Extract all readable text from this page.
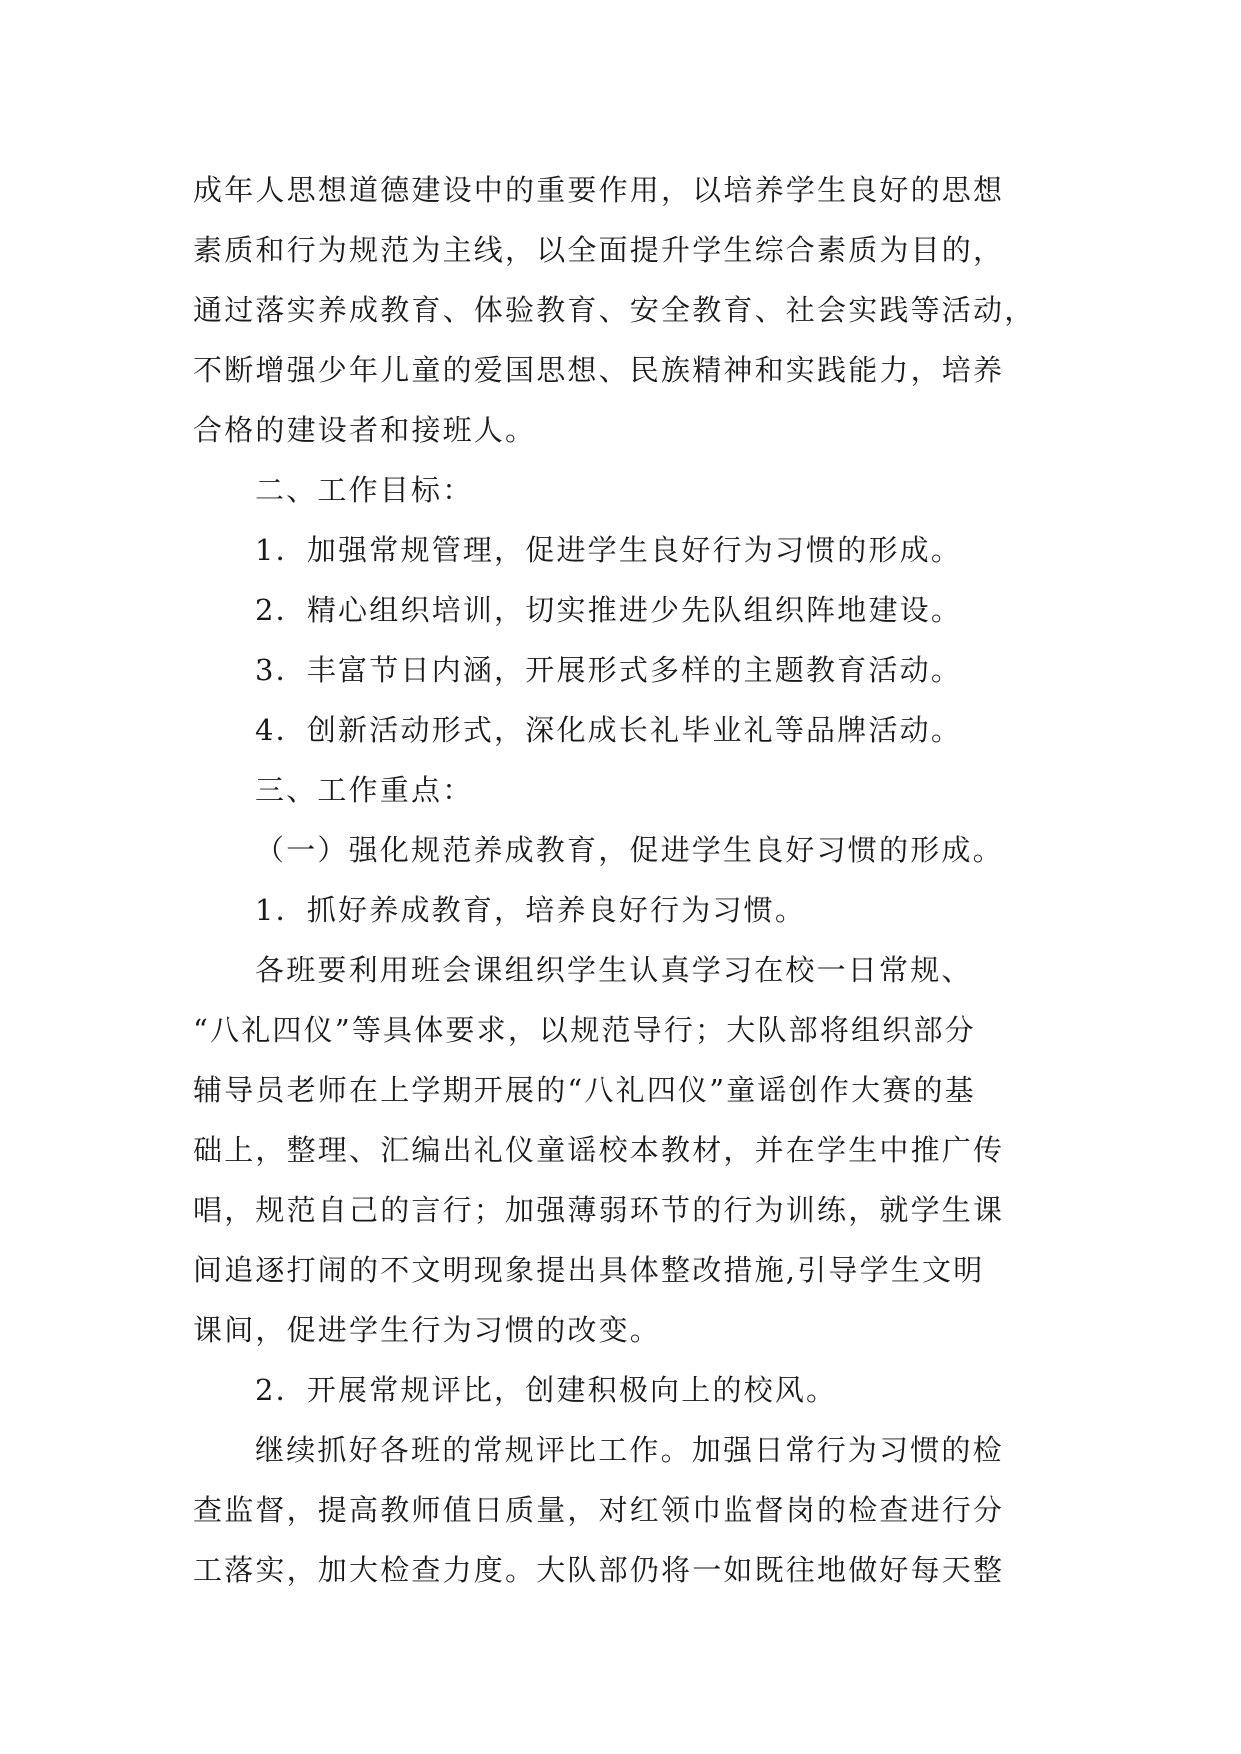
成年人思想道德建设中的重要作用，以培养学生良好的思想
素质和行为规范为主线，以全面提升学生综合素质为目的，
通过落实养成教育、体验教育、安全教育、社会实践等活动，
不断增强少年儿童的爱国思想、民族精神和实践能力，培养
合格的建设者和接班人。
二、工作目标：
1．加强常规管理，促进学生良好行为习惯的形成。
2．精心组织培训，切实推进少先队组织阵地建设。
3．丰富节日内涵，开展形式多样的主题教育活动。
4．创新活动形式，深化成长礼毕业礼等品牌活动。
三、工作重点：
（一）强化规范养成教育，促进学生良好习惯的形成。
1．抓好养成教育，培养良好行为习惯。
各班要利用班会课组织学生认真学习在校一日常规、
“八礼四仪”等具体要求，以规范导行；大队部将组织部分
辅导员老师在上学期开展的“八礼四仪”童谣创作大赛的基
础上，整理、汇编出礼仪童谣校本教材，并在学生中推广传
唱，规范自己的言行；加强薄弱环节的行为训练，就学生课
间追逐打闹的不文明现象提出具体整改措施,引导学生文明
课间，促进学生行为习惯的改变。
2．开展常规评比，创建积极向上的校风。
继续抓好各班的常规评比工作。加强日常行为习惯的检
查监督，提高教师值日质量，对红领巾监督岗的检查进行分
工落实，加大检查力度。大队部仍将一如既往地做好每天整
